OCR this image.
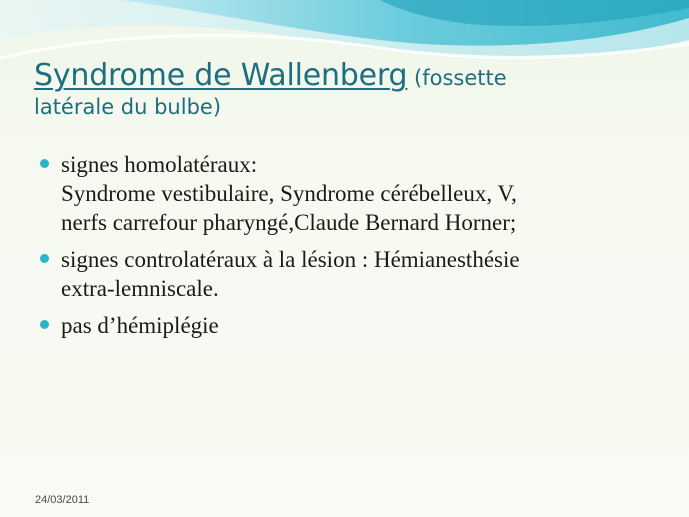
Syndrome de Wallenberg (fossette
latérale du bulbe)
signes homolatéraux:
Syndrome vestibulaire, Syndrome cérébelleux, V,
nerfs carrefour pharyngé,Claude Bernard Horner;
signes controlatéraux à la lésion : Hémianesthésie
extra-lemniscale.
pas d’hémiplégie
24/03/2011
